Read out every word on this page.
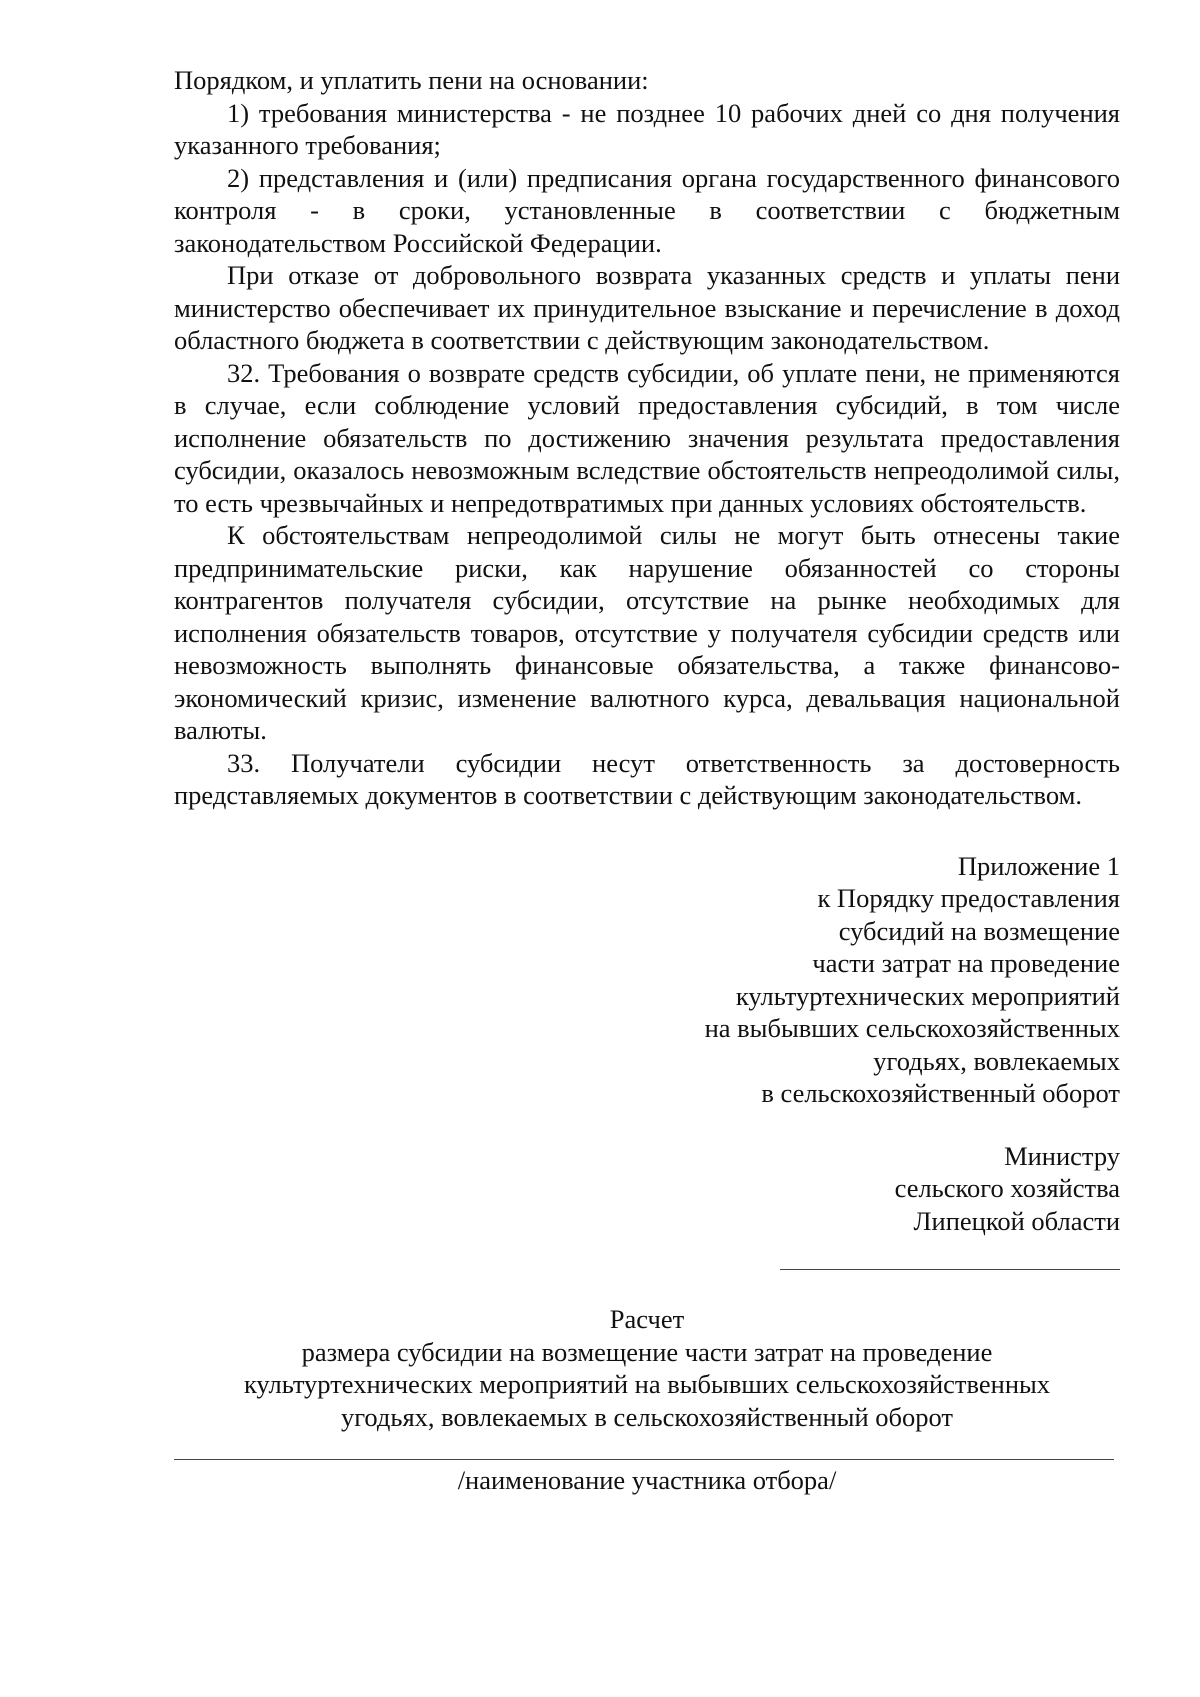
Порядком, и уплатить пени на основании:

1) требования министерства - не позднее 10 рабочих дней со дня получения указанного требования;

2) представления и (или) предписания органа государственного финансового контроля - в сроки, установленные в соответствии с бюджетным законодательством Российской Федерации.

При отказе от добровольного возврата указанных средств и уплаты пени министерство обеспечивает их принудительное взыскание и перечисление в доход областного бюджета в соответствии с действующим законодательством.

32. Требования о возврате средств субсидии, об уплате пени, не применяются в случае, если соблюдение условий предоставления субсидий, в том числе исполнение обязательств по достижению значения результата предоставления субсидии, оказалось невозможным вследствие обстоятельств непреодолимой силы, то есть чрезвычайных и непредотвратимых при данных условиях обстоятельств.

К обстоятельствам непреодолимой силы не могут быть отнесены такие предпринимательские риски, как нарушение обязанностей со стороны контрагентов получателя субсидии, отсутствие на рынке необходимых для исполнения обязательств товаров, отсутствие у получателя субсидии средств или невозможность выполнять финансовые обязательства, а также финансово-экономический кризис, изменение валютного курса, девальвация национальной валюты.

33. Получатели субсидии несут ответственность за достоверность представляемых документов в соответствии с действующим законодательством.

Приложение 1
к Порядку предоставления
субсидий на возмещение
части затрат на проведение
культуртехнических мероприятий
на выбывших сельскохозяйственных
угодьях, вовлекаемых
в сельскохозяйственный оборот
Министру
сельского хозяйства
Липецкой области
Расчет
размера субсидии на возмещение части затрат на проведение
культуртехнических мероприятий на выбывших сельскохозяйственных
угодьях, вовлекаемых в сельскохозяйственный оборот
/наименование участника отбора/
